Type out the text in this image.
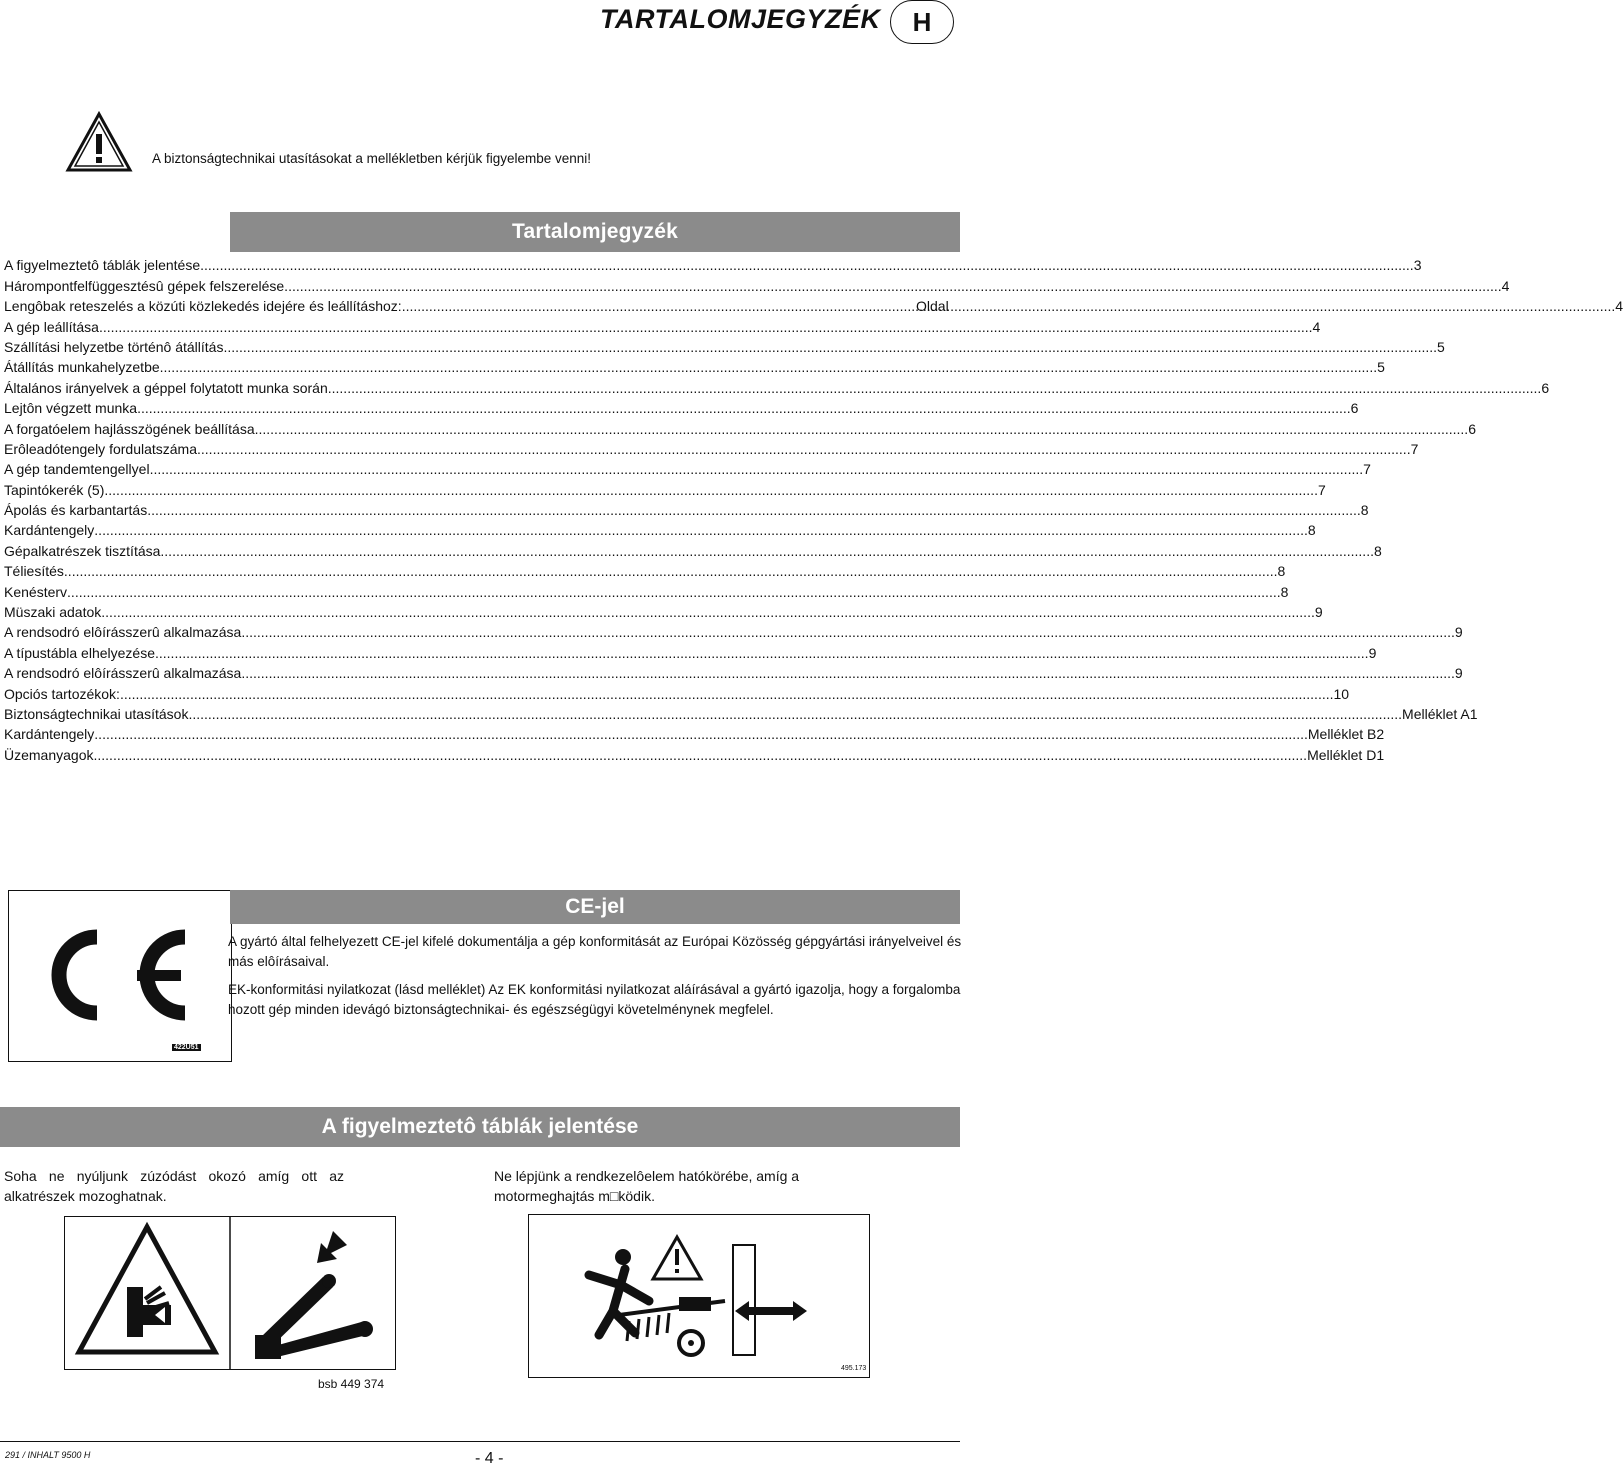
TARTALOMJEGYZÉK	H
A biztonságtechnikai utasításokat a mellékletben kérjük figyelembe venni!
Tartalomjegyzék
Oldal
A figyelmeztetô táblák jelentése .....	3
Hárompontfelfüggesztésû gépek felszerelése. .....	4
Lengôbak reteszelés a közúti közlekedés idejére és leállításhoz: .....	4
A gép leállítása .....	4
Szállítási helyzetbe történô átállítás .....	5
Átállítás munkahelyzetbe. .....	5
Általános irányelvek a géppel folytatott munka során .....	6
Lejtôn végzett munka .....	6
A forgatóelem hajlásszögének beállítása .....	6
Erôleadótengely fordulatszáma .....	7
A gép tandemtengellyel .....	7
Tapintókerék (5) .....	7
Ápolás és karbantartás .....	8
Kardántengely .....	8
Gépalkatrészek tisztítása .....	8
Téliesítés .....	8
Kenésterv .....	8
Müszaki adatok .....	9
A rendsodró elôírásszerû alkalmazása .....	9
A típustábla elhelyezése .....	9
A rendsodró elôírásszerû alkalmazása .....	9
Opciós tartozékok: .....	10
Biztonságtechnikai utasítások .....	Melléklet A1
Kardántengely .....	Melléklet B2
Üzemanyagok .....	Melléklet D1
422U51
CE-jel
A gyártó által felhelyezett CE-jel kifelé dokumentálja a gép konformitását az Európai Közösség gépgyártási irányelveivel és más elôírásaival.
EK-konformitási nyilatkozat (lásd melléklet) Az EK konformitási nyilatkozat aláírásával a gyártó igazolja, hogy a forgalomba hozott gép minden idevágó biztonságtechnikai- és egészségügyi követelménynek megfelel.
A figyelmeztetô táblák jelentése
Soha ne nyúljunk zúzódást okozó amíg ott az alkatrészek mozoghatnak.
Ne lépjünk a rendkezelôelem hatókörébe, amíg a motormeghajtás m□ködik.
bsb 449 374
495.173
291 / INHALT 9500 H	- 4 -
